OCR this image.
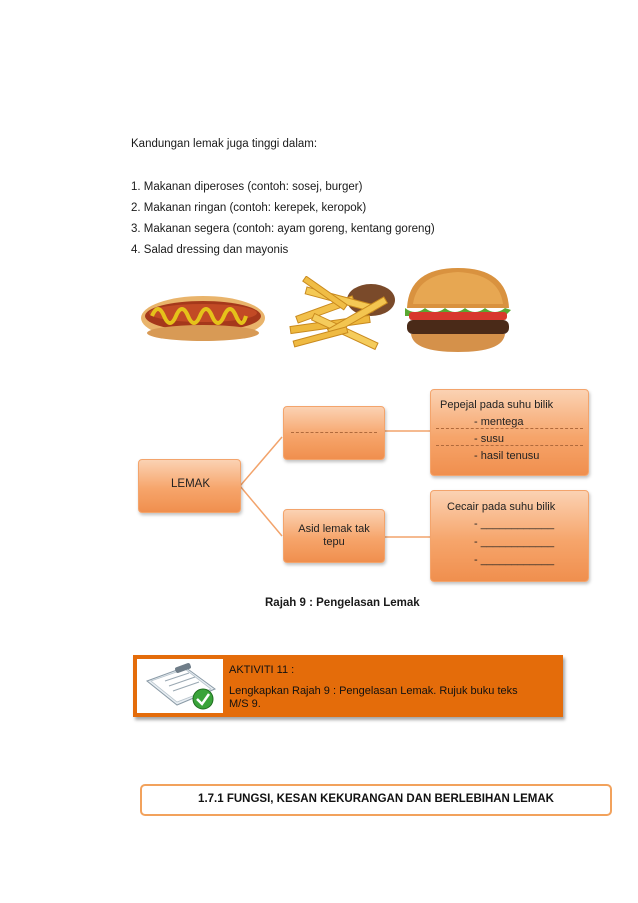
Kandungan lemak juga tinggi dalam:
1. Makanan diperoses (contoh: sosej, burger)
2. Makanan ringan (contoh: kerepek, keropok)
3. Makanan segera (contoh: ayam goreng, kentang goreng)
4. Salad dressing dan mayonis
LEMAK
Asid lemak tak
tepu
Pepejal pada suhu bilik
- mentega
- susu
- hasil tenusu
Cecair pada suhu bilik
- ____________
- ____________
- ____________
Rajah 9 : Pengelasan Lemak
AKTIVITI 11 :
Lengkapkan Rajah 9 : Pengelasan Lemak. Rujuk buku teks
M/S 9.
1.7.1 FUNGSI, KESAN KEKURANGAN DAN BERLEBIHAN LEMAK
